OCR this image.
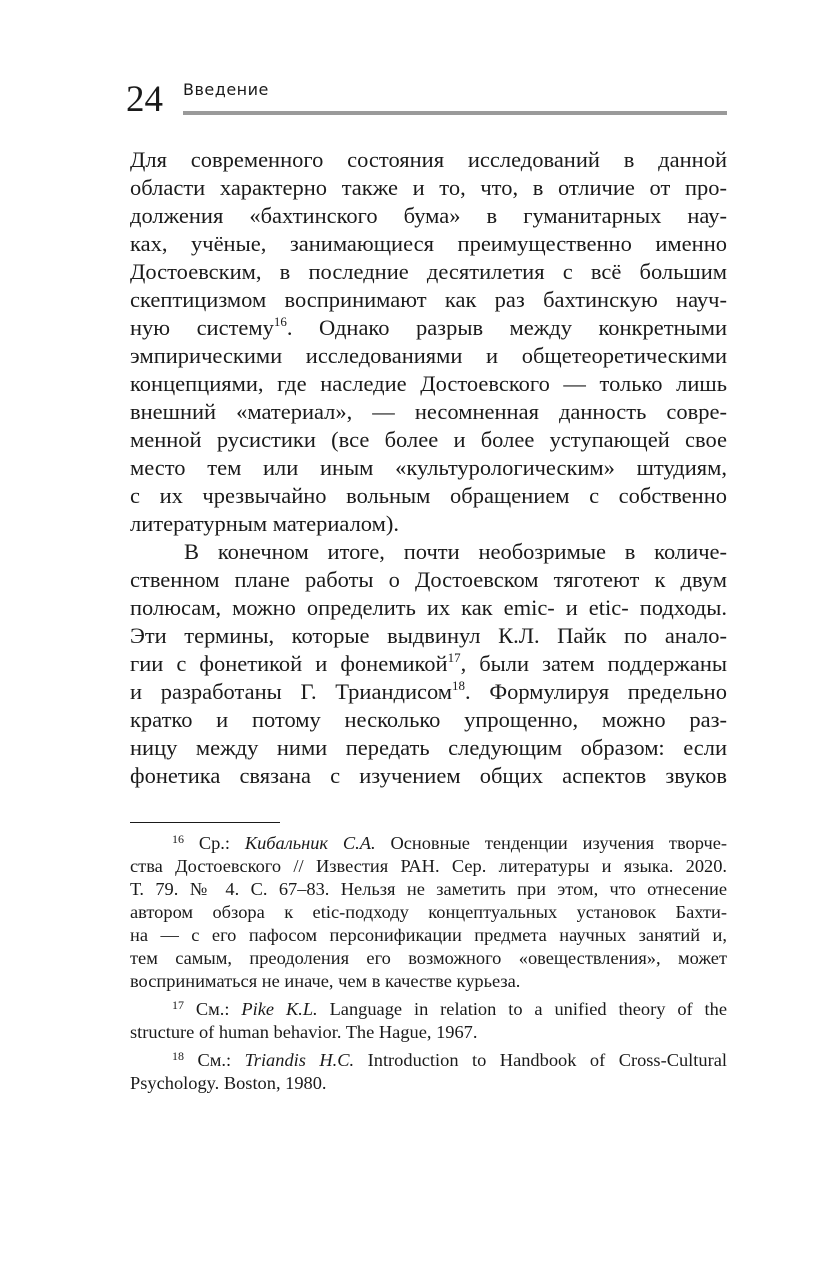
24 Введение
Для современного состояния исследований в данной
области характерно также и то, что, в отличие от про-
должения «бахтинского бума» в гуманитарных нау-
ках, учёные, занимающиеся преимущественно именно
Достоевским, в последние десятилетия с всё большим
скептицизмом воспринимают как раз бахтинскую науч-
ную систему$^{16}$. Однако разрыв между конкретными
эмпирическими исследованиями и общетеоретическими
концепциями, где наследие Достоевского — только лишь
внешний «материал», — несомненная данность совре-
менной русистики (все более и более уступающей свое
место тем или иным «культурологическим» штудиям,
с их чрезвычайно вольным обращением с собственно
литературным материалом).
В конечном итоге, почти необозримые в количе-
ственном плане работы о Достоевском тяготеют к двум
полюсам, можно определить их как emic- и etic- подходы.
Эти термины, которые выдвинул К.Л. Пайк по анало-
гии с фонетикой и фонемикой$^{17}$, были затем поддержаны
и разработаны Г. Триандисом$^{18}$. Формулируя предельно
кратко и потому несколько упрощенно, можно раз-
ницу между ними передать следующим образом: если
фонетика связана с изучением общих аспектов звуков
$^{16}$ Ср.: Кибальник С.А. Основные тенденции изучения творче-
ства Достоевского // Известия РАН. Сер. литературы и языка. 2020.
Т. 79. № 4. С. 67–83. Нельзя не заметить при этом, что отнесение
автором обзора к etic-подходу концептуальных установок Бахти-
на — с его пафосом персонификации предмета научных занятий и,
тем самым, преодоления его возможного «овеществления», может
восприниматься не иначе, чем в качестве курьеза.
$^{17}$ См.: Pike K.L. Language in relation to a unified theory of the
structure of human behavior. The Hague, 1967.
$^{18}$ См.: Triandis H.C. Introduction to Handbook of Cross-Cultural
Psychology. Boston, 1980.
